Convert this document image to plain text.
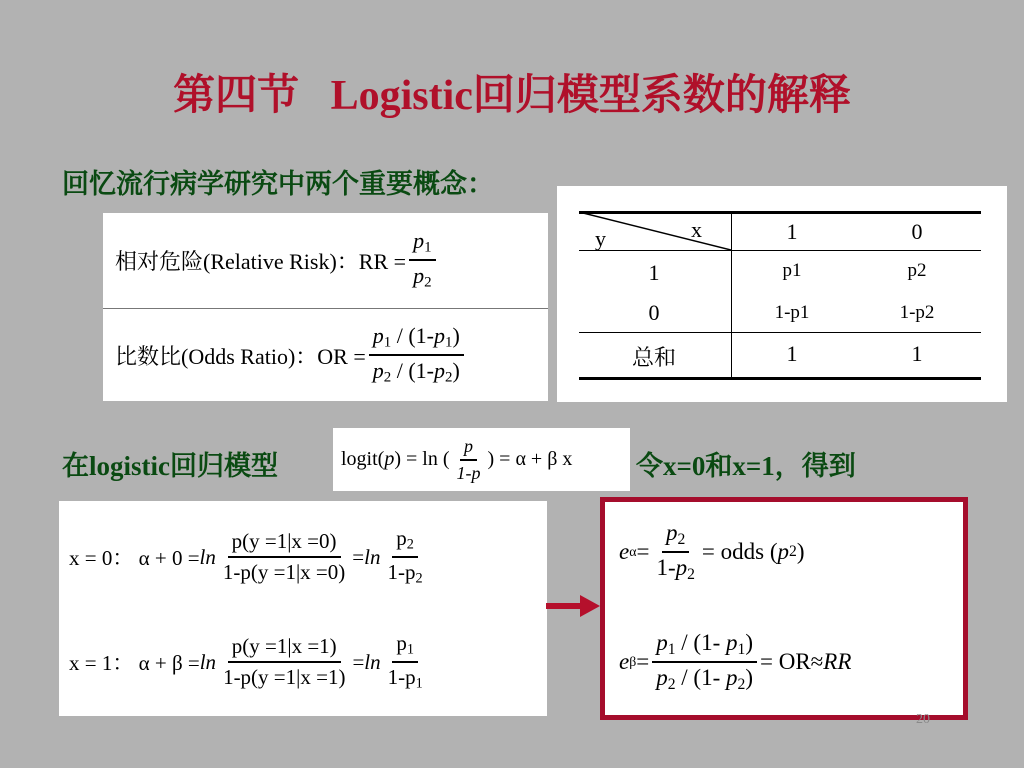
第四节   Logistic回归模型系数的解释
回忆流行病学研究中两个重要概念：
相对危险(Relative Risk)：RR = $\frac{p_1}{p_2}$
比数比(Odds Ratio)：OR = $\frac{p_1 / (1-p_1)}{p_2 / (1-p_2)}$
y	x	1	0
1	p1	p2
0	1-p1	1-p2
总和	1	1
在logistic回归模型	logit( p ) = ln ( $\frac{p}{1-p}$ ) = α + β x 令x=0和x=1，得到
x = 0： $\alpha + 0 = \ln \frac{p(y =1|x =0)}{1-p(y =1|x =0)} = \ln \frac{p_2}{1-p_2}$
x = 1： $\alpha + \beta = \ln \frac{p(y =1|x =1)}{1-p(y =1|x =1)} = \ln \frac{p_1}{1-p_1}$
e $\alpha = \frac{p_2}{1-p_2}$ = odds ( p 2 )
e $\beta = \frac{p_1 / (1- p_1)}{p_2 / (1- p_2)} = OR\approx$ RR
20
